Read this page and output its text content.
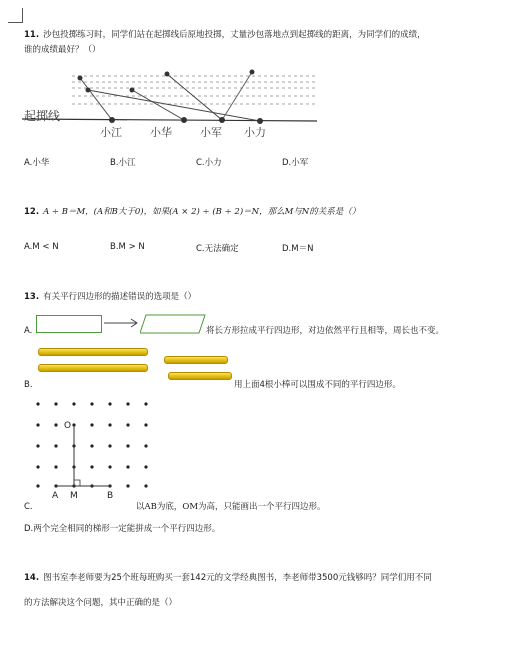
11. 沙包投掷练习时，同学们站在起掷线后原地投掷，丈量沙包落地点到起掷线的距离，为同学们的成绩，
谁的成绩最好？（）
起掷线
小江	小华	小军 小力
A.小华	B.小江	C.小力	D.小军
12. A ÷ B＝M，(A和B大于0)，如果(A × 2) ÷ (B ÷ 2)＝N，那么M与N的关系是（）
A.M < N	B.M > N	C.无法确定	D.M＝N
13. 有关平行四边形的描述错误的选项是（）
A.	将长方形拉成平行四边形，对边依然平行且相等，周长也不变。
B.	用上面4根小棒可以围成不同的平行四边形。
O
A M	B
C.	以AB为底，OM为高，只能画出一个平行四边形。
D.两个完全相同的梯形一定能拼成一个平行四边形。
14. 图书室李老师要为25个班每班购买一套142元的文学经典图书，李老师带3500元钱够吗？同学们用不同
的方法解决这个问题，其中正确的是（）
